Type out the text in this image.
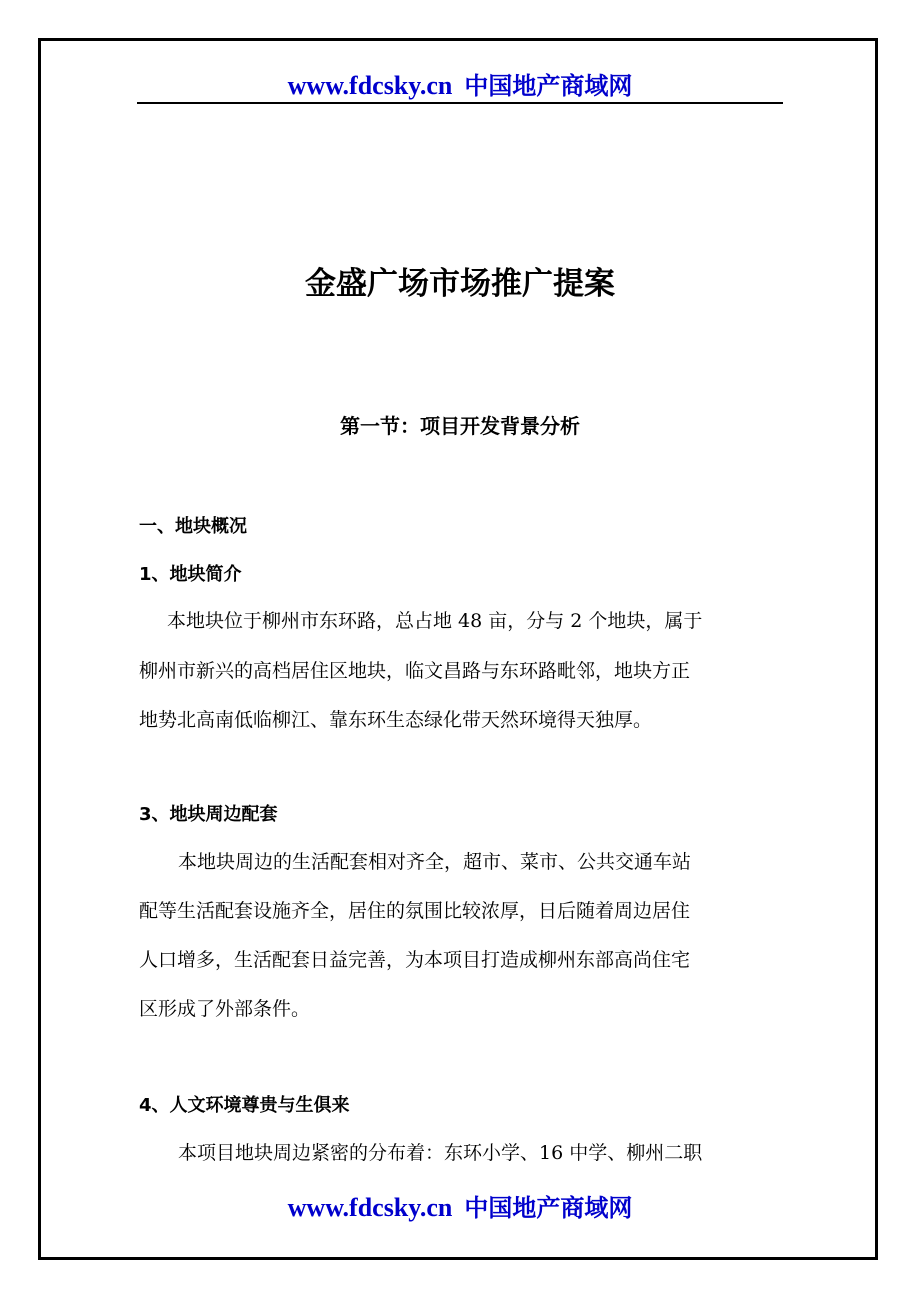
www.fdcsky.cn 中国地产商域网
金盛广场市场推广提案
第一节：项目开发背景分析
一、地块概况
1、地块简介
本地块位于柳州市东环路，总占地 48 亩，分与 2 个地块，属于
柳州市新兴的高档居住区地块，临文昌路与东环路毗邻，地块方正
地势北高南低临柳江、靠东环生态绿化带天然环境得天独厚。
3、地块周边配套
本地块周边的生活配套相对齐全，超市、菜市、公共交通车站
配等生活配套设施齐全，居住的氛围比较浓厚，日后随着周边居住
人口增多，生活配套日益完善，为本项目打造成柳州东部高尚住宅
区形成了外部条件。
4、人文环境尊贵与生俱来
本项目地块周边紧密的分布着：东环小学、16 中学、柳州二职
www.fdcsky.cn 中国地产商域网
